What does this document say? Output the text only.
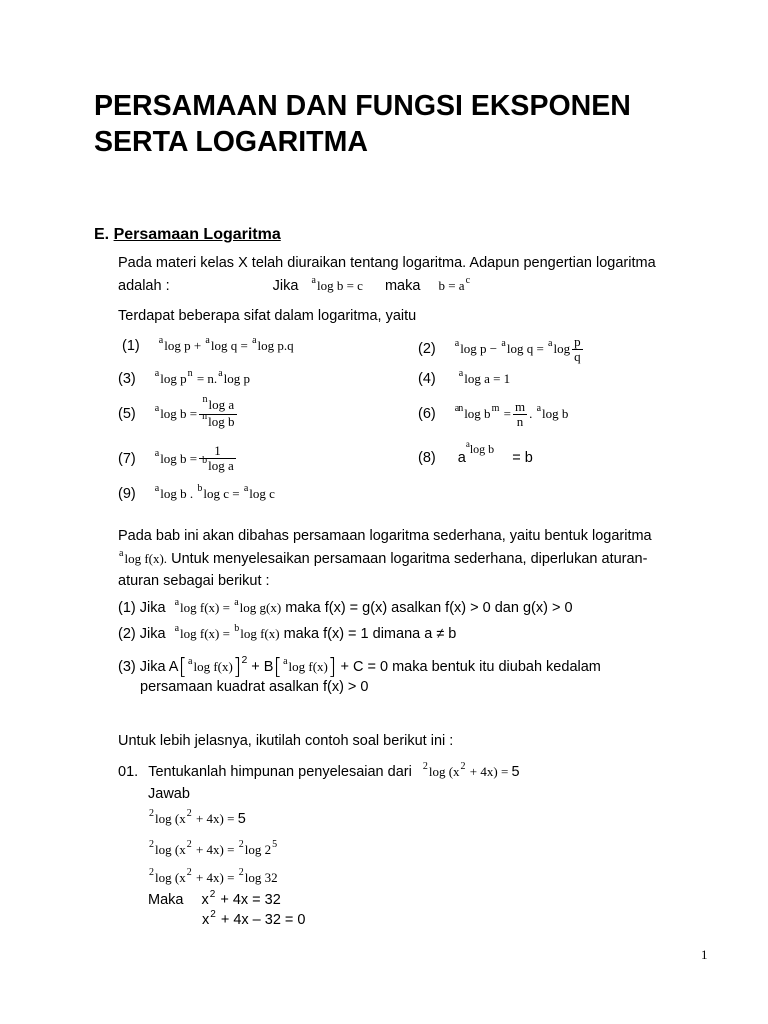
PERSAMAAN DAN FUNGSI EKSPONEN
SERTA LOGARITMA
E. Persamaan Logaritma
Pada materi kelas X telah diuraikan tentang logaritma. Adapun pengertian logaritma
adalah :	Jika $^a$log b = c maka $b = a^c$
Terdapat beberapa sifat dalam logaritma, yaitu
(1) $^a$log p + $^a$log q = $^a$log p.q
(3) $^a$log $p^n = n.^a\log$ p
(5) $^a$log $b = \frac{^n\log a}{^n\log b}$
(7) $^a$log $b = \frac{1}{^b\log a}$
(9) $^a$log b . $^b$log c = $^a$log c
(2) $^a$log p − $^a$log $q = ^a\log \frac{p}{q}$
(4) $^a$log a = 1
(6) $^{an}$log $b^m = \frac{m}{n}$ . $^a$log b
(8) $a^{^alog b} = b$
Pada bab ini akan dibahas persamaan logaritma sederhana, yaitu bentuk logaritma
$^a$log f(x). Untuk menyelesaikan persamaan logaritma sederhana, diperlukan aturan-
aturan sebagai berikut :
(1) Jika $^a$log f(x) = $^a$log g(x) maka f(x) = g(x) asalkan f(x) > 0 dan g(x) > 0
(2) Jika $^a$log f(x) = $^b$log f(x) maka f(x) = 1 dimana a ≠ b
(3) Jika A[$^a$log f(x)]$^2$ + B[$^a$log f(x)] + C = 0 maka bentuk itu diubah kedalam
persamaan kuadrat asalkan f(x) > 0
Untuk lebih jelasnya, ikutilah contoh soal berikut ini :
01. Tentukanlah himpunan penyelesaian dari $^2$log $(x^2 + 4x) = 5$
Jawab
$^2$log $(x^2 + 4x) = 5$
$^2$log $(x^2 + 4x) = ^2\log$ $2^5$
$^2$log $(x^2 + 4x) = ^2\log$ 32
Maka $x^2 + 4x = 32$
$x^2 + 4x - 32 = 0$
1
